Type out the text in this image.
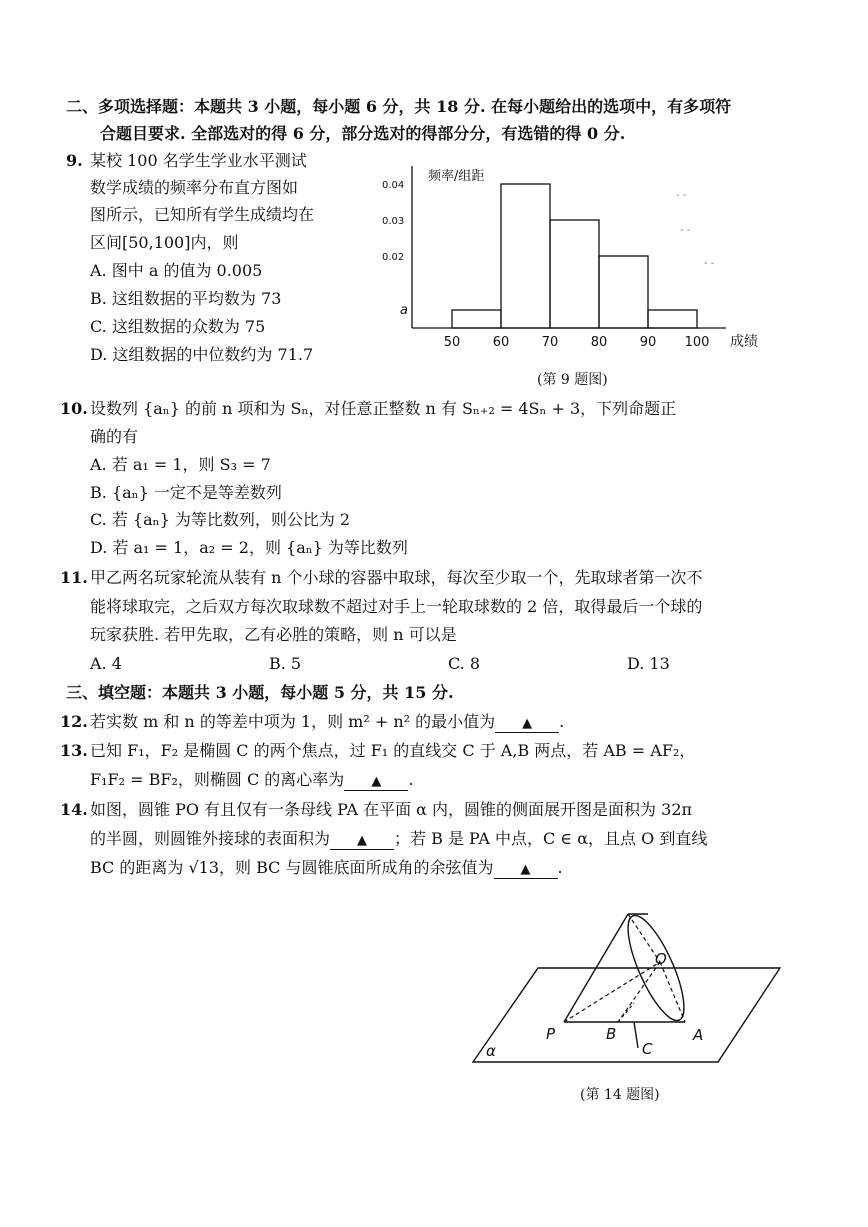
二、多项选择题：本题共 3 小题，每小题 6 分，共 18 分. 在每小题给出的选项中，有多项符
合题目要求. 全部选对的得 6 分，部分选对的得部分分，有选错的得 0 分.
9. 某校 100 名学生学业水平测试
数学成绩的频率分布直方图如
图所示，已知所有学生成绩均在
区间[50,100]内，则
A. 图中 a 的值为 0.005
B. 这组数据的平均数为 73
C. 这组数据的众数为 75
D. 这组数据的中位数约为 71.7
频率/组距
成绩
a
0.02
0.03
0.04
50 60 70 80 90 100
- -
- -
- -
(第 9 题图)
10. 设数列 {aₙ} 的前 n 项和为 Sₙ，对任意正整数 n 有 Sₙ₊₂ = 4Sₙ + 3，下列命题正
确的有
A. 若 a₁ = 1，则 S₃ = 7
B. {aₙ} 一定不是等差数列
C. 若 {aₙ} 为等比数列，则公比为 2
D. 若 a₁ = 1，a₂ = 2，则 {aₙ} 为等比数列
11. 甲乙两名玩家轮流从装有 n 个小球的容器中取球，每次至少取一个，先取球者第一次不
能将球取完，之后双方每次取球数不超过对手上一轮取球数的 2 倍，取得最后一个球的
玩家获胜. 若甲先取，乙有必胜的策略，则 n 可以是
A. 4	B. 5	C. 8	D. 13
三、填空题：本题共 3 小题，每小题 5 分，共 15 分.
12. 若实数 m 和 n 的等差中项为 1，则 m² + n² 的最小值为 ▲ .
13. 已知 F₁，F₂ 是椭圆 C 的两个焦点，过 F₁ 的直线交 C 于 A,B 两点，若 AB = AF₂，
F₁F₂ = BF₂，则椭圆 C 的离心率为 ▲ .
14. 如图，圆锥 PO 有且仅有一条母线 PA 在平面 α 内，圆锥的侧面展开图是面积为 32π
的半圆，则圆锥外接球的表面积为 ▲ ；若 B 是 PA 中点，C ∈ α，且点 O 到直线
BC 的距离为 √13，则 BC 与圆锥底面所成角的余弦值为 ▲ .
O
P	B
C
A
α
(第 14 题图)
